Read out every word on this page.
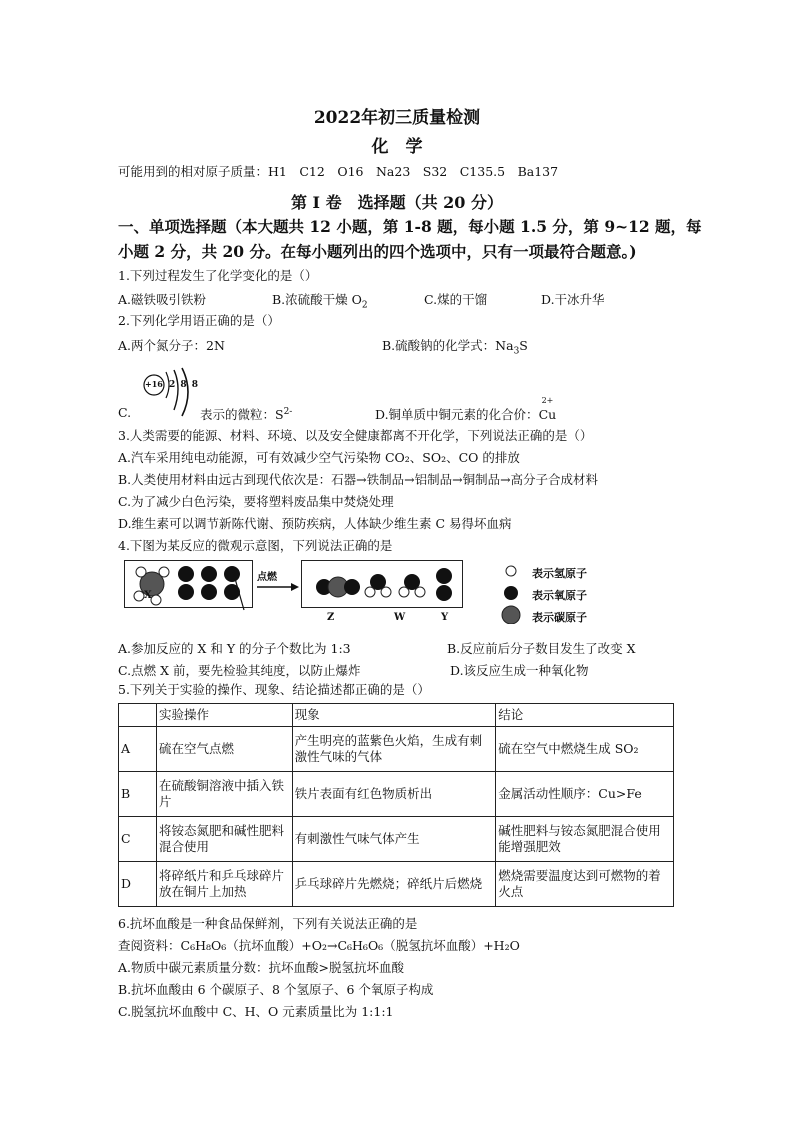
2022年初三质量检测
化　学
可能用到的相对原子质量：H1　C12　O16　Na23　S32　C135.5　Ba137
第 I 卷　选择题（共 20 分）
一、单项选择题（本大题共 12 小题，第 1-8 题，每小题 1.5 分，第 9~12 题，每
小题 2 分，共 20 分。在每小题列出的四个选项中，只有一项最符合题意。)
1.下列过程发生了化学变化的是（）
A.磁铁吸引铁粉	B.浓硫酸干燥 $O_2$	C.煤的干馏	D.干冰升华
2.下列化学用语正确的是（）
A.两个氮分子：2N	B.硫酸钠的化学式：$Na_3S$
C.
+16 2 8 8
表示的微粒：$S^{2-}$	D.铜单质中铜元素的化合价：
2+
Cu
3.人类需要的能源、材料、环境、以及安全健康都离不开化学，下列说法正确的是（）
A.汽车采用纯电动能源，可有效减少空气污染物 CO₂、SO₂、CO 的排放
B.人类使用材料由远古到现代依次是：石器→铁制品→铝制品→铜制品→高分子合成材料
C.为了减少白色污染，要将塑料废品集中焚烧处理
D.维生素可以调节新陈代谢、预防疾病，人体缺少维生素 C 易得坏血病
4.下图为某反应的微观示意图，下列说法正确的是
点燃
X	Y
Z	W	Y
表示氢原子
表示氧原子
表示碳原子
A.参加反应的 X 和 Y 的分子个数比为 1:3	B.反应前后分子数目发生了改变 X
C.点燃 X 前，要先检验其纯度，以防止爆炸	D.该反应生成一种氧化物
5.下列关于实验的操作、现象、结论描述都正确的是（）
	实验操作	现象	结论
A	硫在空气点燃	产生明亮的蓝紫色火焰，生成有刺激性气味的气体	硫在空气中燃烧生成 SO₂
B	在硫酸铜溶液中插入铁片	铁片表面有红色物质析出	金属活动性顺序：Cu>Fe
C	将铵态氮肥和碱性肥料混合使用	有刺激性气味气体产生	碱性肥料与铵态氮肥混合使用能增强肥效
D	将碎纸片和乒乓球碎片放在铜片上加热	乒乓球碎片先燃烧；碎纸片后燃烧	燃烧需要温度达到可燃物的着火点
6.抗坏血酸是一种食品保鲜剂，下列有关说法正确的是
查阅资料：C₆H₈O₆（抗坏血酸）+O₂→C₆H₆O₆（脱氢抗坏血酸）+H₂O
A.物质中碳元素质量分数：抗坏血酸>脱氢抗坏血酸
B.抗坏血酸由 6 个碳原子、8 个氢原子、6 个氧原子构成
C.脱氢抗坏血酸中 C、H、O 元素质量比为 1:1:1
